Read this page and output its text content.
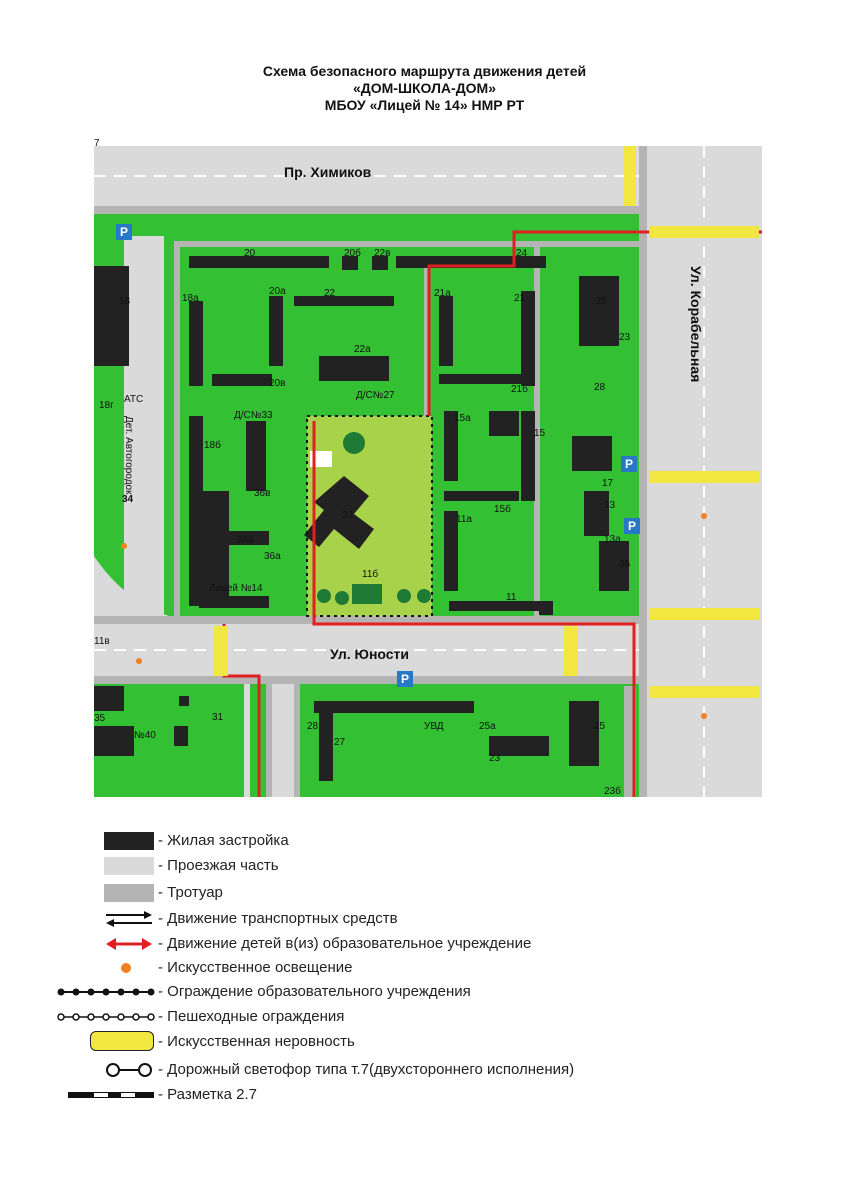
Схема безопасного маршрута движения детей
«ДОМ-ШКОЛА-ДОМ»
МБОУ «Лицей № 14» НМР РТ
P
P
P
P
Пр. Химиков
Ул. Юности
Ул. Корабельная
Дет. Автогородок
20	20б 22в	24
18	18а
20а	22	21а	21	25
23
22а
Д/С№27
20в
21б	28
18г
АТС
Д/С№33
18б
15а
15
36в
17
13
11а
15б
36б
36а
13а
11б
36
Лицей №14
11
32
34
11в
35
№40
31
28
27
УВД	25а	25
23
23б
7
- Жилая застройка
- Проезжая часть
- Тротуар
- Движение транспортных средств
- Движение детей в(из) образовательное учреждение
- Искусственное освещение
- Ограждение образовательного учреждения
- Пешеходные ограждения
- Искусственная неровность
- Дорожный светофор типа т.7(двухстороннего исполнения)
- Разметка 2.7
